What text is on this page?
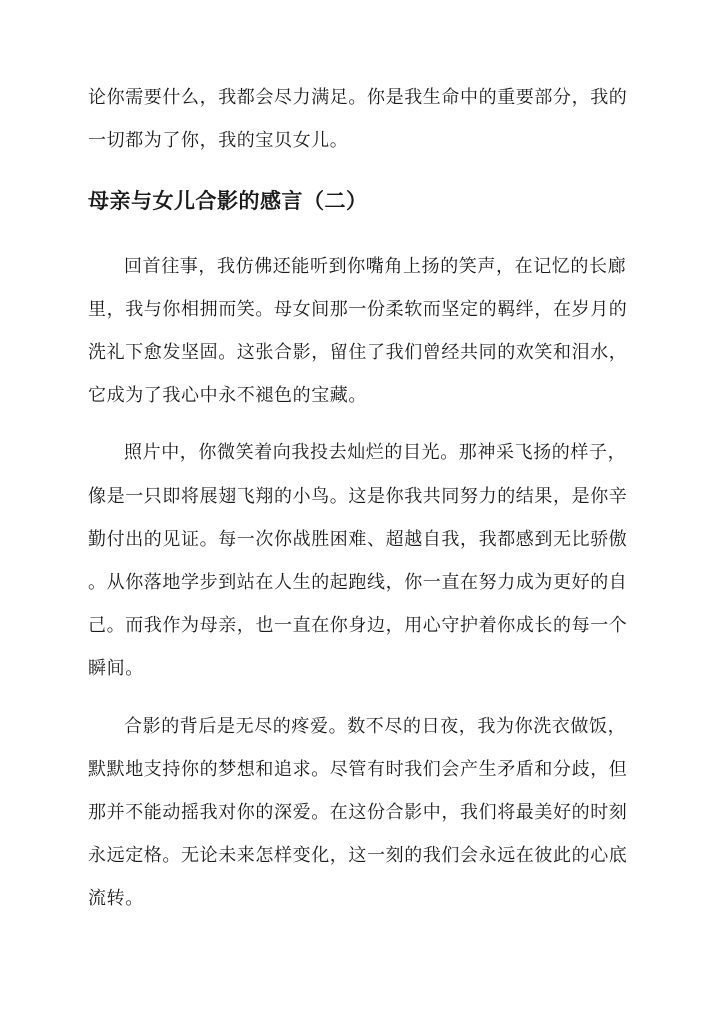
论你需要什么，我都会尽力满足。你是我生命中的重要部分，我的
一切都为了你，我的宝贝女儿。
母亲与女儿合影的感言（二）
回首往事，我仿佛还能听到你嘴角上扬的笑声，在记忆的长廊
里，我与你相拥而笑。母女间那一份柔软而坚定的羁绊，在岁月的
洗礼下愈发坚固。这张合影，留住了我们曾经共同的欢笑和泪水，
它成为了我心中永不褪色的宝藏。
照片中，你微笑着向我投去灿烂的目光。那神采飞扬的样子，
像是一只即将展翅飞翔的小鸟。这是你我共同努力的结果，是你辛
勤付出的见证。每一次你战胜困难、超越自我，我都感到无比骄傲
。从你落地学步到站在人生的起跑线，你一直在努力成为更好的自
己。而我作为母亲，也一直在你身边，用心守护着你成长的每一个
瞬间。
合影的背后是无尽的疼爱。数不尽的日夜，我为你洗衣做饭，
默默地支持你的梦想和追求。尽管有时我们会产生矛盾和分歧，但
那并不能动摇我对你的深爱。在这份合影中，我们将最美好的时刻
永远定格。无论未来怎样变化，这一刻的我们会永远在彼此的心底
流转。
